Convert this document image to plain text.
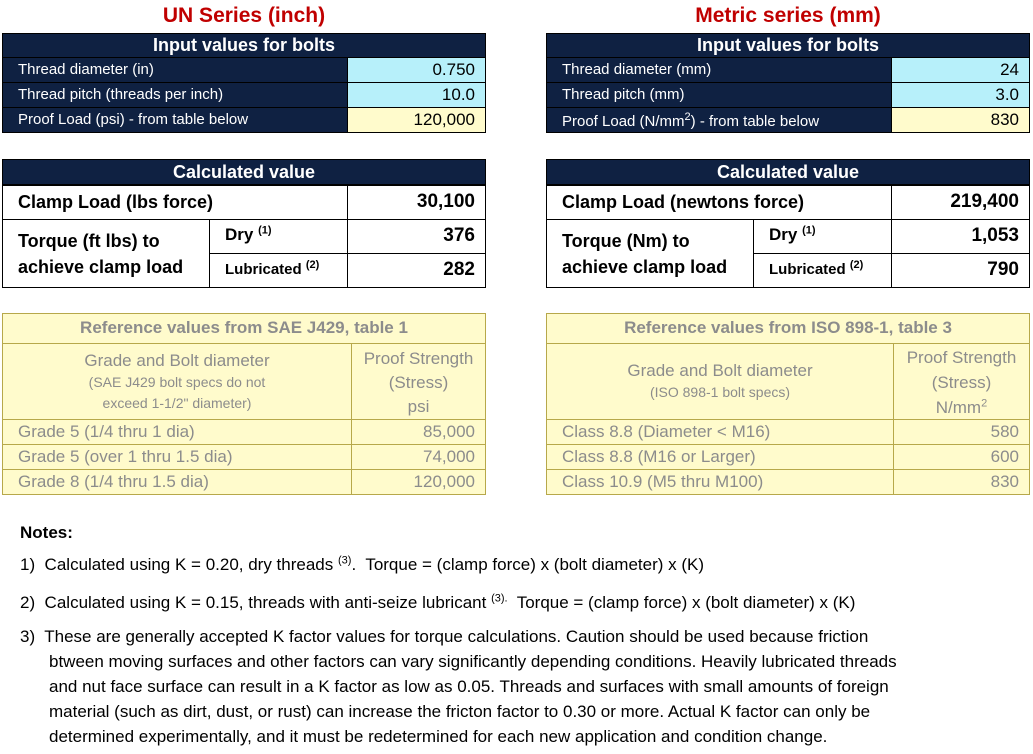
UN Series (inch)
Input values for bolts
Thread diameter (in)	0.750
Thread pitch (threads per inch)	10.0
Proof Load (psi) - from table below	120,000
Calculated value
Clamp Load (lbs force)	30,100
Torque (ft lbs) to
achieve clamp load
Dry $^{(1)}$	376
Lubricated $^{(2)}$	282
Reference values from SAE J429, table 1
Grade and Bolt diameter
(SAE J429 bolt specs do not
exceed 1-1/2" diameter)
Proof Strength
(Stress)
psi
Grade 5 (1/4 thru 1 dia)	85,000
Grade 5 (over 1 thru 1.5 dia)	74,000
Grade 8 (1/4 thru 1.5 dia)	120,000
Metric series (mm)
Input values for bolts
Thread diameter (mm)	24
Thread pitch (mm)	3.0
Proof Load $(N/mm^2)$ - from table below	830
Calculated value
Clamp Load (newtons force)	219,400
Torque (Nm) to
achieve clamp load
Dry $^{(1)}$	1,053
Lubricated $^{(2)}$	790
Reference values from ISO 898-1, table 3
Grade and Bolt diameter
(ISO 898-1 bolt specs)
Proof Strength
(Stress)
$N/mm^2$
Class 8.8 (Diameter < M16)	580
Class 8.8 (M16 or Larger)	600
Class 10.9 (M5 thru M100)	830
Notes:
1)  Calculated using K = 0.20, dry threads $^{(3)}$.  Torque = (clamp force) x (bolt diameter) x (K)
2)  Calculated using K = 0.15, threads with anti-seize lubricant $^{(3).}$  Torque = (clamp force) x (bolt diameter) x (K)
3)  These are generally accepted K factor values for torque calculations. Caution should be used because friction
btween moving surfaces and other factors can vary significantly depending conditions. Heavily lubricated threads
and nut face surface can result in a K factor as low as 0.05. Threads and surfaces with small amounts of foreign
material (such as dirt, dust, or rust) can increase the fricton factor to 0.30 or more. Actual K factor can only be
determined experimentally, and it must be redetermined for each new application and condition change.
